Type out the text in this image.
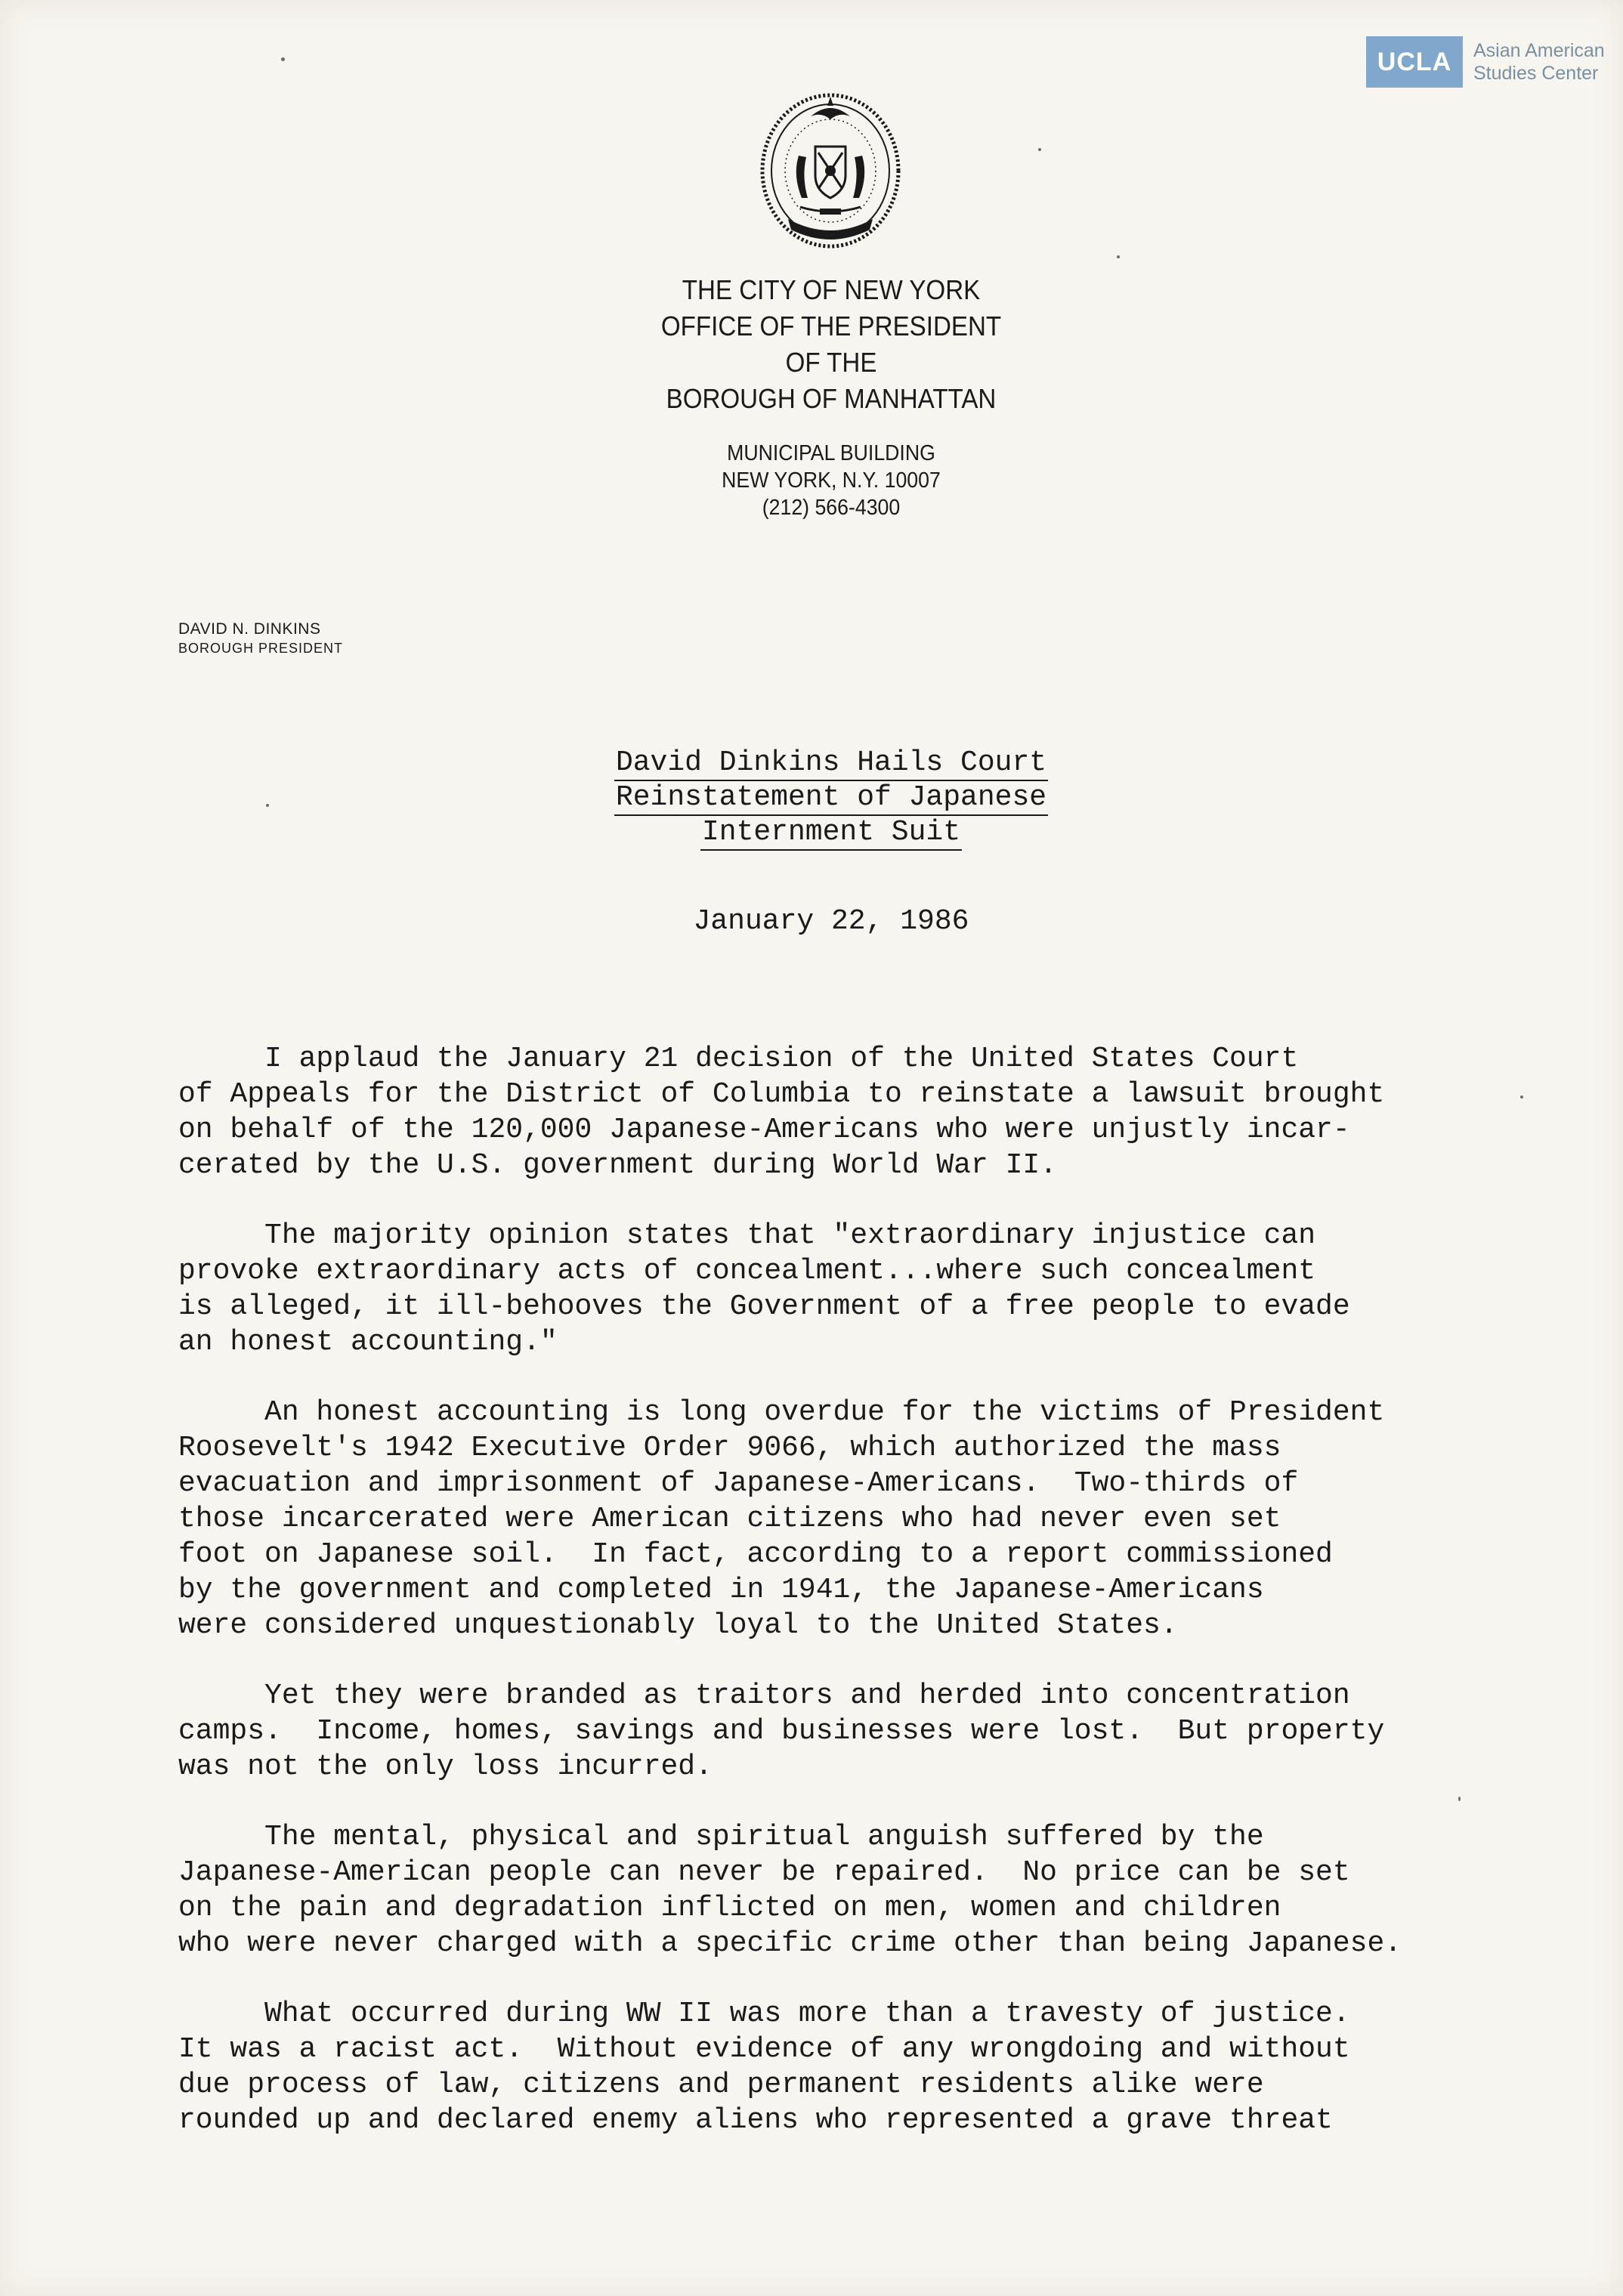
UCLA	Asian American
Studies Center
THE CITY OF NEW YORK
OFFICE OF THE PRESIDENT
OF THE
BOROUGH OF MANHATTAN
MUNICIPAL BUILDING
NEW YORK, N.Y. 10007
(212) 566-4300
DAVID N. DINKINS
BOROUGH PRESIDENT
David Dinkins Hails Court
Reinstatement of Japanese
Internment Suit
January 22, 1986
I applaud the January 21 decision of the United States Court
of Appeals for the District of Columbia to reinstate a lawsuit brought
on behalf of the 120,000 Japanese-Americans who were unjustly incar-
cerated by the U.S. government during World War II.
The majority opinion states that "extraordinary injustice can
provoke extraordinary acts of concealment...where such concealment
is alleged, it ill-behooves the Government of a free people to evade
an honest accounting."
An honest accounting is long overdue for the victims of President
Roosevelt's 1942 Executive Order 9066, which authorized the mass
evacuation and imprisonment of Japanese-Americans.  Two-thirds of
those incarcerated were American citizens who had never even set
foot on Japanese soil.  In fact, according to a report commissioned
by the government and completed in 1941, the Japanese-Americans
were considered unquestionably loyal to the United States.
Yet they were branded as traitors and herded into concentration
camps.  Income, homes, savings and businesses were lost.  But property
was not the only loss incurred.
The mental, physical and spiritual anguish suffered by the
Japanese-American people can never be repaired.  No price can be set
on the pain and degradation inflicted on men, women and children
who were never charged with a specific crime other than being Japanese.
What occurred during WW II was more than a travesty of justice.
It was a racist act.  Without evidence of any wrongdoing and without
due process of law, citizens and permanent residents alike were
rounded up and declared enemy aliens who represented a grave threat
